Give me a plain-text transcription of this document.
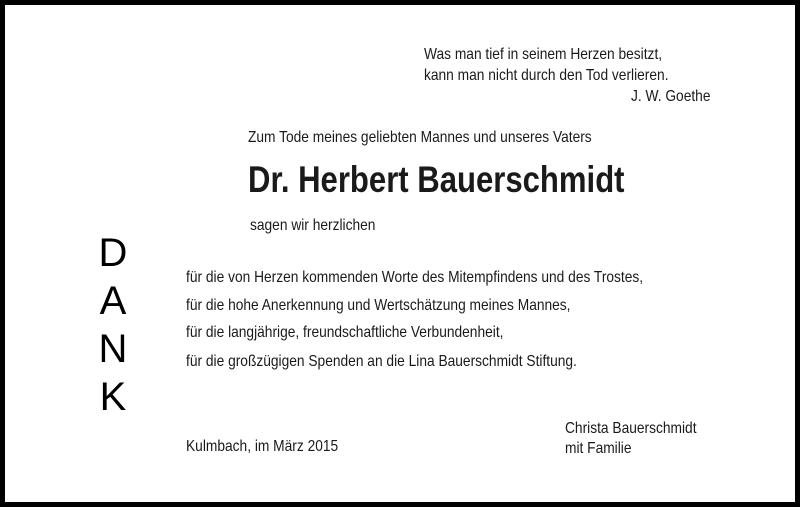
Was man tief in seinem Herzen besitzt,
kann man nicht durch den Tod verlieren.
J. W. Goethe
Zum Tode meines geliebten Mannes und unseres Vaters
Dr. Herbert Bauerschmidt
sagen wir herzlichen
D
A
N
K
für die von Herzen kommenden Worte des Mitempfindens und des Trostes,
für die hohe Anerkennung und Wertschätzung meines Mannes,
für die langjährige, freundschaftliche Verbundenheit,
für die großzügigen Spenden an die Lina Bauerschmidt Stiftung.
Kulmbach, im März 2015
Christa Bauerschmidt
mit Familie
